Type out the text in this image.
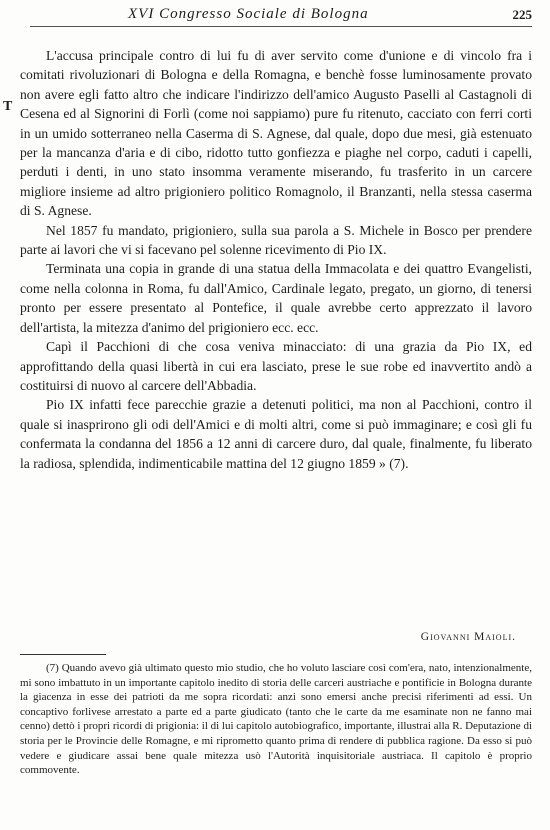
XVI Congresso Sociale di Bologna	225
T

L'accusa principale contro di lui fu di aver servito come d'unione e di vincolo fra i comitati rivoluzionari di Bologna e della Romagna, e benchè fosse luminosamente provato non avere egli fatto altro che indicare l'indirizzo dell'amico Augusto Paselli al Castagnoli di Cesena ed al Signorini di Forlì (come noi sappiamo) pure fu ritenuto, cacciato con ferri corti in un umido sotterraneo nella Caserma di S. Agnese, dal quale, dopo due mesi, già estenuato per la mancanza d'aria e di cibo, ridotto tutto gonfiezza e piaghe nel corpo, caduti i capelli, perduti i denti, in uno stato insomma veramente miserando, fu trasferito in un carcere migliore insieme ad altro prigioniero politico Romagnolo, il Branzanti, nella stessa caserma di S. Agnese.

Nel 1857 fu mandato, prigioniero, sulla sua parola a S. Michele in Bosco per prendere parte ai lavori che vi si facevano pel solenne ricevimento di Pio IX.

Terminata una copia in grande di una statua della Immacolata e dei quattro Evangelisti, come nella colonna in Roma, fu dall'Amico, Cardinale legato, pregato, un giorno, di tenersi pronto per essere presentato al Pontefice, il quale avrebbe certo apprezzato il lavoro dell'artista, la mitezza d'animo del prigioniero ecc. ecc.

Capì il Pacchioni di che cosa veniva minacciato: di una grazia da Pio IX, ed approfittando della quasi libertà in cui era lasciato, prese le sue robe ed inavvertito andò a costituirsi di nuovo al carcere dell'Abbadia.

Pio IX infatti fece parecchie grazie a detenuti politici, ma non al Pacchioni, contro il quale si inasprirono gli odi dell'Amici e di molti altri, come si può immaginare; e così gli fu confermata la condanna del 1856 a 12 anni di carcere duro, dal quale, finalmente, fu liberato la radiosa, splendida, indimenticabile mattina del 12 giugno 1859 » (7).

Giovanni Maioli.

(7) Quando avevo già ultimato questo mio studio, che ho voluto lasciare così com'era, nato, intenzionalmente, mi sono imbattuto in un importante capitolo inedito di storia delle carceri austriache e pontificie in Bologna durante la giacenza in esse dei patrioti da me sopra ricordati: anzi sono emersi anche precisi riferimenti ad essi. Un concaptivo forlivese arrestato a parte ed a parte giudicato (tanto che le carte da me esaminate non ne fanno mai cenno) dettò i propri ricordi di prigionia: il di lui capitolo autobiografico, importante, illustrai alla R. Deputazione di storia per le Provincie delle Romagne, e mi riprometto quanto prima di rendere di pubblica ragione. Da esso si può vedere e giudicare assai bene quale mitezza usò l'Autorità inquisitoriale austriaca. Il capitolo è proprio commovente.
